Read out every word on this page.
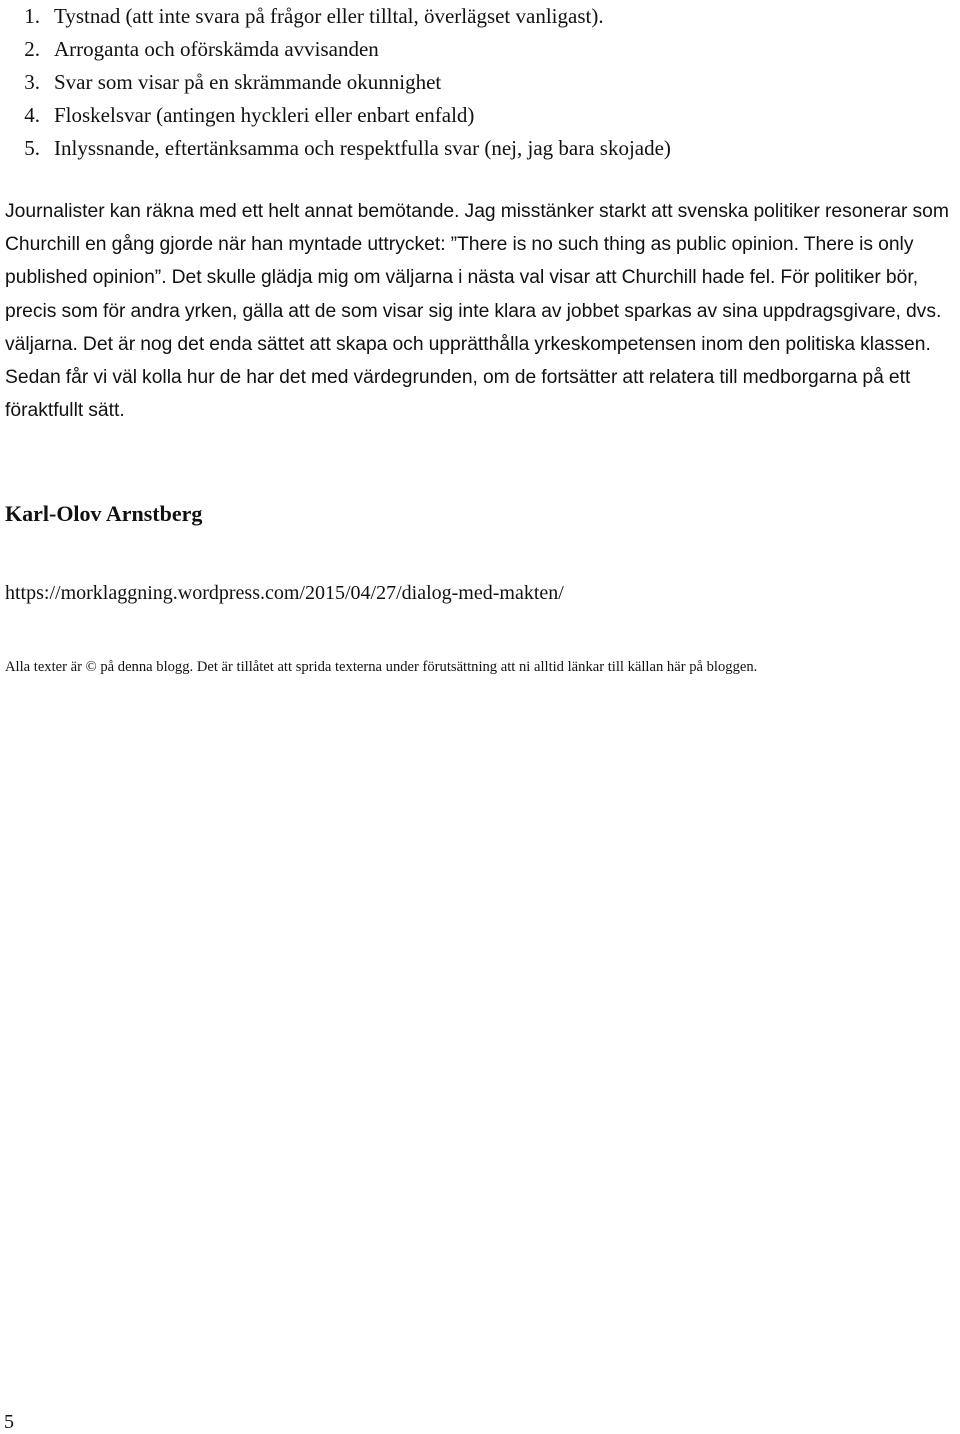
1. Tystnad (att inte svara på frågor eller tilltal, överlägset vanligast).
2. Arroganta och oförskämda avvisanden
3. Svar som visar på en skrämmande okunnighet
4. Floskelsvar (antingen hyckleri eller enbart enfald)
5. Inlyssnande, eftertänksamma och respektfulla svar (nej, jag bara skojade)

Journalister kan räkna med ett helt annat bemötande. Jag misstänker starkt att svenska politiker resonerar som Churchill en gång gjorde när han myntade uttrycket: ”There is no such thing as public opinion. There is only published opinion”. Det skulle glädja mig om väljarna i nästa val visar att Churchill hade fel. För politiker bör, precis som för andra yrken, gälla att de som visar sig inte klara av jobbet sparkas av sina uppdragsgivare, dvs. väljarna. Det är nog det enda sättet att skapa och upprätthålla yrkeskompetensen inom den politiska klassen. Sedan får vi väl kolla hur de har det med värdegrunden, om de fortsätter att relatera till medborgarna på ett föraktfullt sätt.

Karl-Olov Arnstberg

https://morklaggning.wordpress.com/2015/04/27/dialog-med-makten/

Alla texter är © på denna blogg. Det är tillåtet att sprida texterna under förutsättning att ni alltid länkar till källan här på bloggen.

5
